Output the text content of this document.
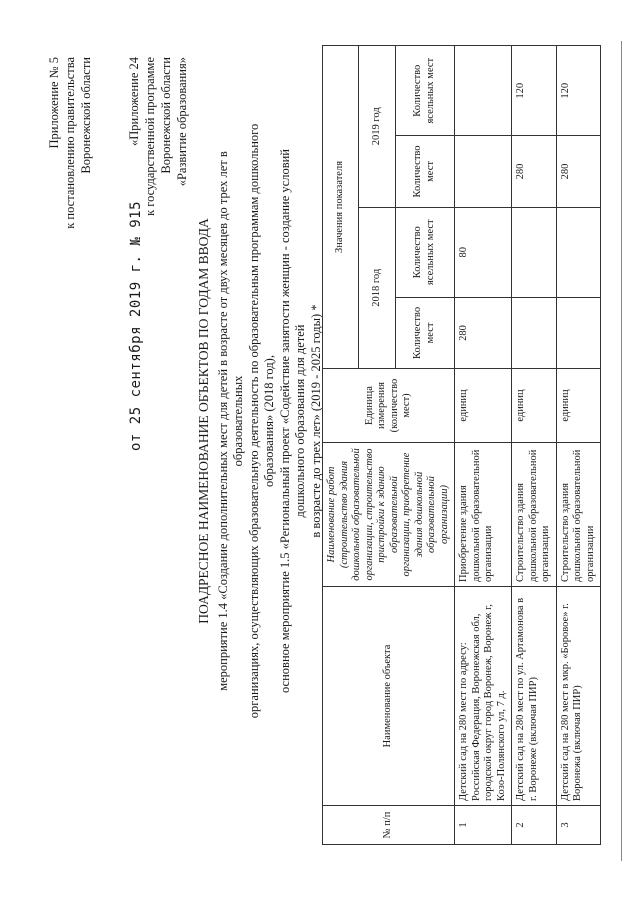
Приложение № 5 к постановлению правительства Воронежской области
от 25 сентября 2019 г. № 915
«Приложение 24 к государственной программе Воронежской области «Развитие образования»
ПОАДРЕСНОЕ НАИМЕНОВАНИЕ ОБЪЕКТОВ ПО ГОДАМ ВВОДА мероприятие 1.4 «Создание дополнительных мест для детей в возрасте от двух месяцев до трех лет в образовательных организациях, осуществляющих образовательную деятельность по образовательным программам дошкольного образования» (2018 год), основное мероприятие 1.5 «Региональный проект «Содействие занятости женщин - создание условий дошкольного образования для детей в возрасте до трех лет» (2019 - 2025 годы) *
№ п/п	Наименование объекта	Наименование работ (строительство здания дошкольной образовательной организации, строительство пристройки к зданию образовательной организации, приобретение здания дошкольной образовательной организации)	Единица измерения (количество мест)	Значения показателя			
				2018 год		2019 год	
				Количество мест	Количество ясельных мест	Количество мест	Количество ясельных мест
1	Детский сад на 280 мест по адресу: Российская Федерация, Воронежская обл, городской округ город Воронеж, Воронеж г, Козо-Полянского ул, 7 д.	Приобретение здания дошкольной образовательной организации	единиц	280	80		
2	Детский сад на 280 мест по ул. Артамонова в г. Воронеже (включая ПИР)	Строительство здания дошкольной образовательной организации	единиц			280	120
3	Детский сад на 280 мест в мкр. «Боровое» г. Воронежа (включая ПИР)	Строительство здания дошкольной образовательной организации	единиц			280	120
